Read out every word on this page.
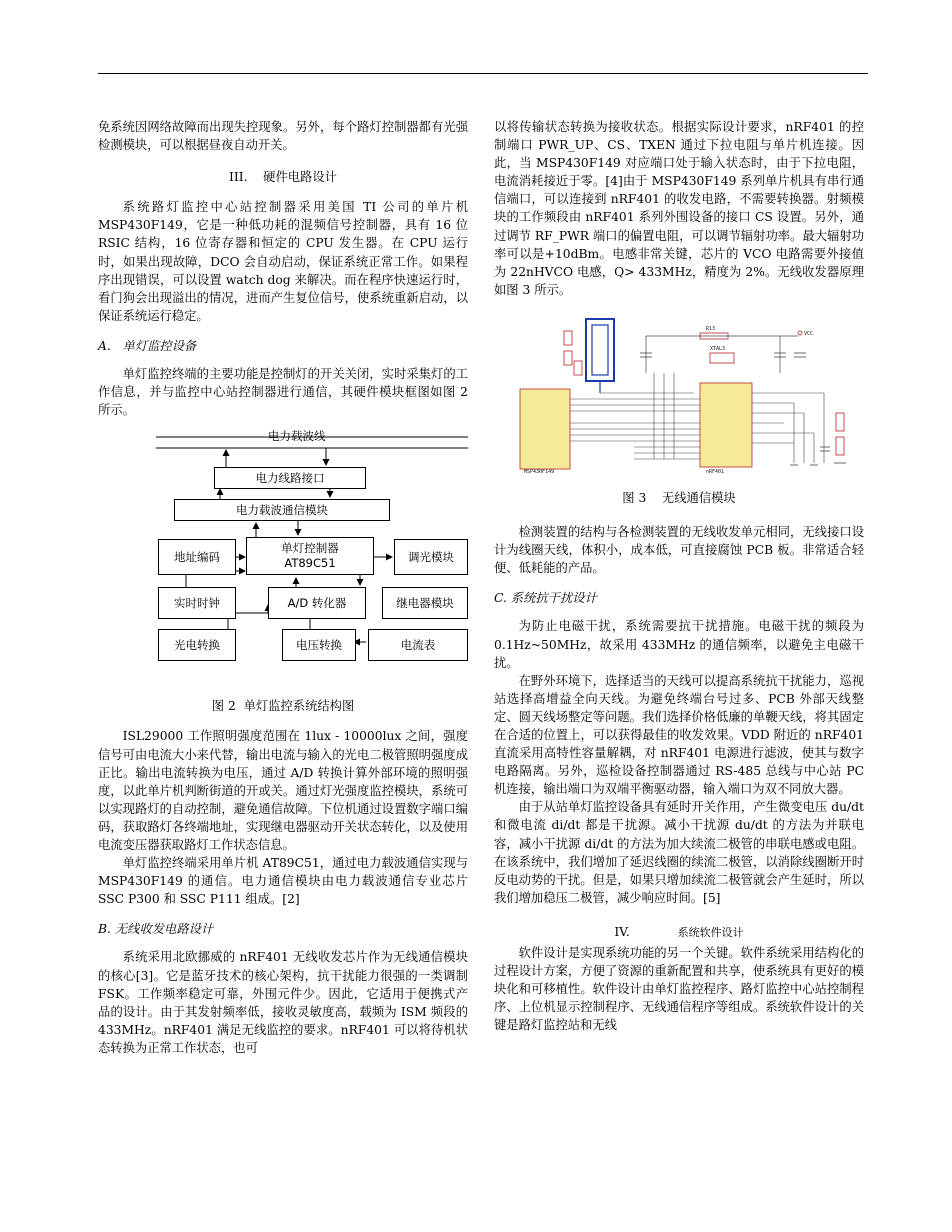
免系统因网络故障而出现失控现象。另外，每个路灯控制器都有光强检测模块，可以根据昼夜自动开关。

III.    硬件电路设计

系统路灯监控中心站控制器采用美国 TI 公司的单片机 MSP430F149，它是一种低功耗的混频信号控制器，具有 16 位 RSIC 结构，16 位寄存器和恒定的 CPU 发生器。在 CPU 运行时，如果出现故障，DCO 会自动启动，保证系统正常工作。如果程序出现错误，可以设置 watch dog 来解决。而在程序快速运行时，看门狗会出现溢出的情况，进而产生复位信号，使系统重新启动，以保证系统运行稳定。

A.   单灯监控设备

单灯监控终端的主要功能是控制灯的开关关闭，实时采集灯的工作信息，并与监控中心站控制器进行通信，其硬件模块框图如图 2 所示。

电力载波线
电力线路接口
电力载波通信模块
地址编码
单灯控制器
AT89C51	调光模块
实时时钟	A/D 转化器	继电器模块
光电转换	电压转换	电流表
图 2  单灯监控系统结构图

ISL29000 工作照明强度范围在 1lux - 10000lux 之间，强度信号可由电流大小来代替，输出电流与输入的光电二极管照明强度成正比。输出电流转换为电压，通过 A/D 转换计算外部环境的照明强度，以此单片机判断街道的开或关。通过灯光强度监控模块，系统可以实现路灯的自动控制，避免通信故障。下位机通过设置数字端口编码，获取路灯各终端地址，实现继电器驱动开关状态转化，以及使用电流变压器获取路灯工作状态信息。

单灯监控终端采用单片机 AT89C51，通过电力载波通信实现与 MSP430F149 的通信。电力通信模块由电力载波通信专业芯片 SSC P300 和 SSC P111 组成。[2]

B. 无线收发电路设计

系统采用北欧挪威的 nRF401 无线收发芯片作为无线通信模块的核心[3]。它是蓝牙技术的核心架构，抗干扰能力很强的一类调制 FSK。工作频率稳定可靠，外围元件少。因此，它适用于便携式产品的设计。由于其发射频率低，接收灵敏度高，载频为 ISM 频段的 433MHz。nRF401 满足无线监控的要求。nRF401 可以将待机状态转换为正常工作状态，也可

以将传输状态转换为接收状态。根据实际设计要求，nRF401 的控制端口 PWR_UP、CS、TXEN 通过下拉电阻与单片机连接。因此，当 MSP430F149 对应端口处于输入状态时，由于下拉电阻，电流消耗接近于零。[4]由于 MSP430F149 系列单片机具有串行通信端口，可以连接到 nRF401 的收发电路，不需要转换器。射频模块的工作频段由 nRF401 系列外围设备的接口 CS 设置。另外，通过调节 RF_PWR 端口的偏置电阻，可以调节辐射功率。最大辐射功率可以是+10dBm。电感非常关键，芯片的 VCO 电路需要外接值为 22nHVCO 电感，Q> 433MHz，精度为 2%。无线收发器原理如图 3 所示。

MSP430F149	nRF401
XTAL3
R13
VCC
图 3    无线通信模块

检测装置的结构与各检测装置的无线收发单元相同，无线接口设计为线圈天线，体积小，成本低，可直接腐蚀 PCB 板。非常适合轻便、低耗能的产品。

C. 系统抗干扰设计

为防止电磁干扰，系统需要抗干扰措施。电磁干扰的频段为 0.1Hz~50MHz，故采用 433MHz 的通信频率，以避免主电磁干扰。

在野外环境下，选择适当的天线可以提高系统抗干扰能力，巡视站选择高增益全向天线。为避免终端台号过多、PCB 外部天线整定、圆天线场整定等问题。我们选择价格低廉的单鞭天线，将其固定在合适的位置上，可以获得最佳的收发效果。VDD 附近的 nRF401 直流采用高特性容量解耦，对 nRF401 电源进行滤波，使其与数字电路隔离。另外，巡检设备控制器通过 RS-485 总线与中心站 PC 机连接，输出端口为双端平衡驱动器，输入端口为双不同放大器。

由于从站单灯监控设备具有延时开关作用，产生微变电压 du/dt 和微电流 di/dt 都是干扰源。减小干扰源 du/dt 的方法为并联电容，减小干扰源 di/dt 的方法为加大续流二极管的串联电感或电阻。在该系统中，我们增加了延迟线圈的续流二极管，以消除线圈断开时反电动势的干扰。但是，如果只增加续流二极管就会产生延时，所以我们增加稳压二极管，减少响应时间。[5]

IV.	系统软件设计

软件设计是实现系统功能的另一个关键。软件系统采用结构化的过程设计方案，方便了资源的重新配置和共享，使系统具有更好的模块化和可移植性。软件设计由单灯监控程序、路灯监控中心站控制程序、上位机显示控制程序、无线通信程序等组成。系统软件设计的关键是路灯监控站和无线
